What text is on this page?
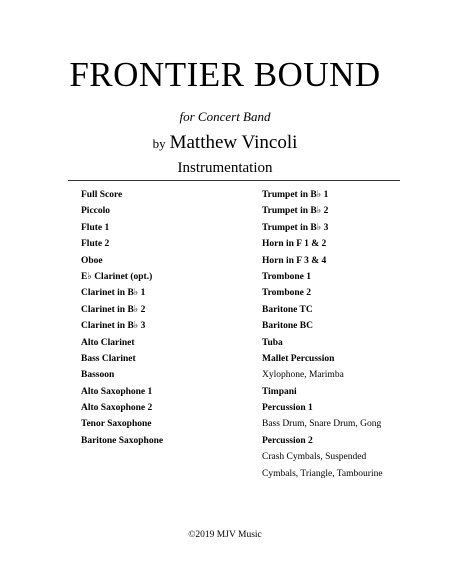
FRONTIER BOUND
for Concert Band
by Matthew Vincoli
Instrumentation
Full Score
Piccolo
Flute 1
Flute 2
Oboe
E♭ Clarinet (opt.)
Clarinet in B♭ 1
Clarinet in B♭ 2
Clarinet in B♭ 3
Alto Clarinet
Bass Clarinet
Bassoon
Alto Saxophone 1
Alto Saxophone 2
Tenor Saxophone
Baritone Saxophone
Trumpet in B♭ 1
Trumpet in B♭ 2
Trumpet in B♭ 3
Horn in F 1 & 2
Horn in F 3 & 4
Trombone 1
Trombone 2
Baritone TC
Baritone BC
Tuba
Mallet Percussion
Xylophone, Marimba
Timpani
Percussion 1
Bass Drum, Snare Drum, Gong
Percussion 2
Crash Cymbals, Suspended
Cymbals, Triangle, Tambourine
©2019 MJV Music
